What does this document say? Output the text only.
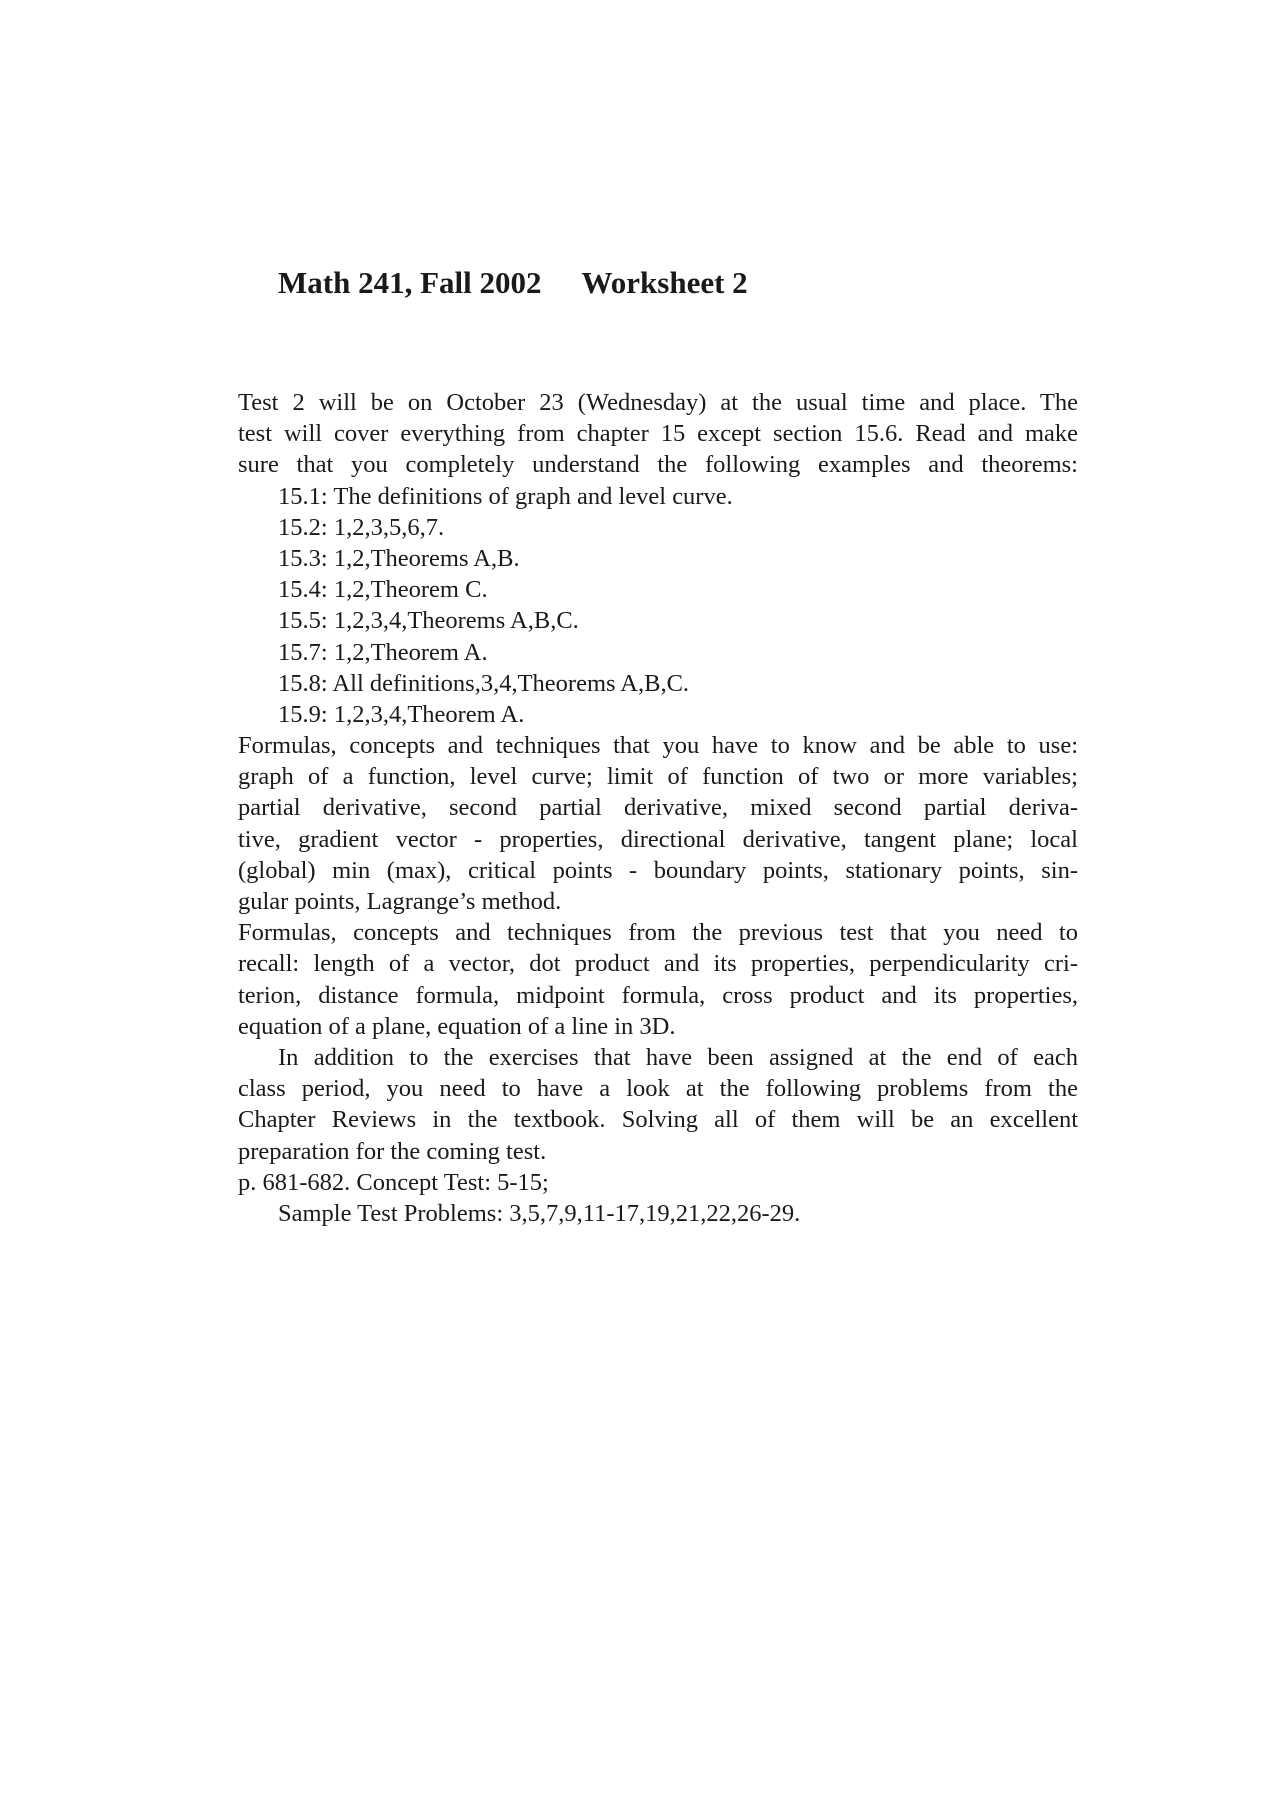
Math 241, Fall 2002 Worksheet 2
Test 2 will be on October 23 (Wednesday) at the usual time and place. The
test will cover everything from chapter 15 except section 15.6. Read and make
sure that you completely understand the following examples and theorems:
15.1: The definitions of graph and level curve.
15.2: 1,2,3,5,6,7.
15.3: 1,2,Theorems A,B.
15.4: 1,2,Theorem C.
15.5: 1,2,3,4,Theorems A,B,C.
15.7: 1,2,Theorem A.
15.8: All definitions,3,4,Theorems A,B,C.
15.9: 1,2,3,4,Theorem A.
Formulas, concepts and techniques that you have to know and be able to use:
graph of a function, level curve; limit of function of two or more variables;
partial derivative, second partial derivative, mixed second partial deriva-
tive, gradient vector - properties, directional derivative, tangent plane; local
(global) min (max), critical points - boundary points, stationary points, sin-
gular points, Lagrange’s method.
Formulas, concepts and techniques from the previous test that you need to
recall: length of a vector, dot product and its properties, perpendicularity cri-
terion, distance formula, midpoint formula, cross product and its properties,
equation of a plane, equation of a line in 3D.
In addition to the exercises that have been assigned at the end of each
class period, you need to have a look at the following problems from the
Chapter Reviews in the textbook. Solving all of them will be an excellent
preparation for the coming test.
p. 681-682. Concept Test: 5-15;
Sample Test Problems: 3,5,7,9,11-17,19,21,22,26-29.
